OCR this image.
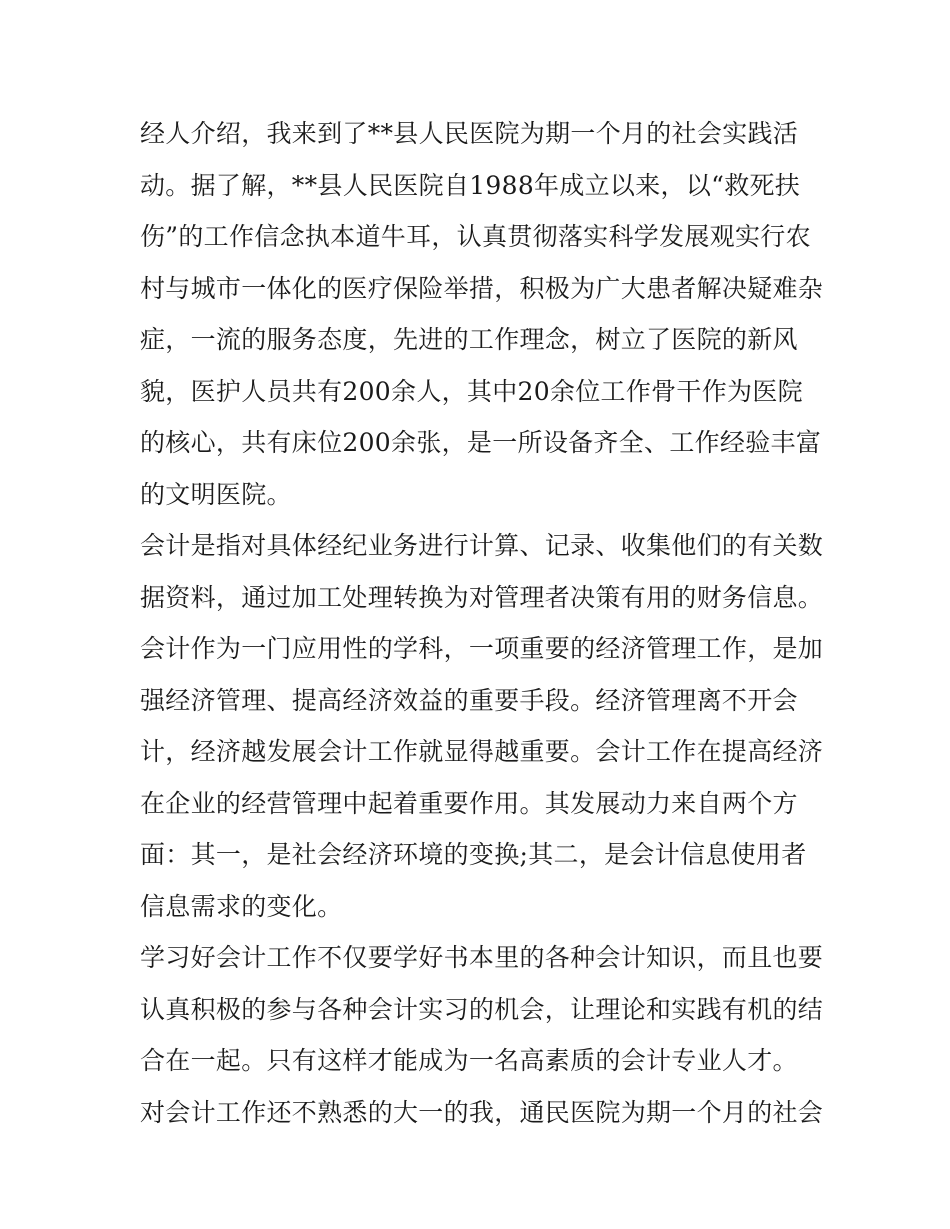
经人介绍，我来到了**县人民医院为期一个月的社会实践活
动。据了解，**县人民医院自1988年成立以来，以“救死扶
伤”的工作信念执本道牛耳，认真贯彻落实科学发展观实行农
村与城市一体化的医疗保险举措，积极为广大患者解决疑难杂
症，一流的服务态度，先进的工作理念，树立了医院的新风
貌，医护人员共有200余人，其中20余位工作骨干作为医院
的核心，共有床位200余张，是一所设备齐全、工作经验丰富
的文明医院。
会计是指对具体经纪业务进行计算、记录、收集他们的有关数
据资料，通过加工处理转换为对管理者决策有用的财务信息。
会计作为一门应用性的学科，一项重要的经济管理工作，是加
强经济管理、提高经济效益的重要手段。经济管理离不开会
计，经济越发展会计工作就显得越重要。会计工作在提高经济
在企业的经营管理中起着重要作用。其发展动力来自两个方
面：其一，是社会经济环境的变换;其二，是会计信息使用者
信息需求的变化。
学习好会计工作不仅要学好书本里的各种会计知识，而且也要
认真积极的参与各种会计实习的机会，让理论和实践有机的结
合在一起。只有这样才能成为一名高素质的会计专业人才。
对会计工作还不熟悉的大一的我，通民医院为期一个月的社会
